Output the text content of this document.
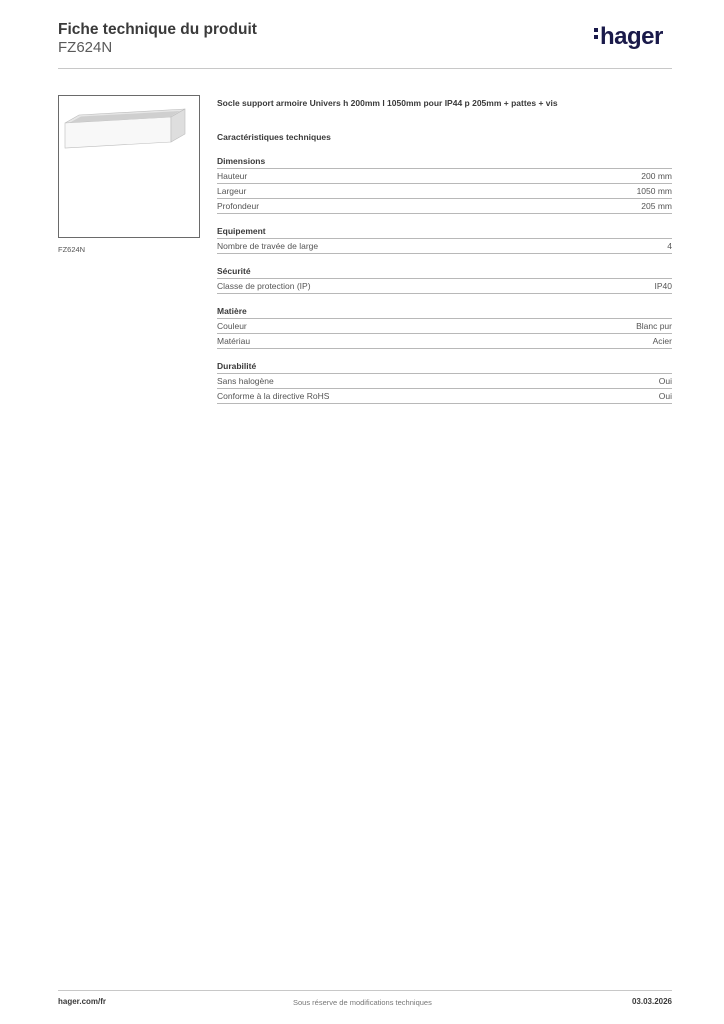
Fiche technique du produit
FZ624N	hager
FZ624N
Socle support armoire Univers h 200mm l 1050mm pour IP44 p 205mm + pattes + vis
Caractéristiques techniques
Dimensions
Hauteur	200 mm
Largeur	1050 mm
Profondeur	205 mm
Equipement
Nombre de travée de large	4
Sécurité
Classe de protection (IP)	IP40
Matière
Couleur	Blanc pur
Matériau	Acier
Durabilité
Sans halogène	Oui
Conforme à la directive RoHS	Oui
hager.com/fr	Sous réserve de modifications techniques	03.03.2026
